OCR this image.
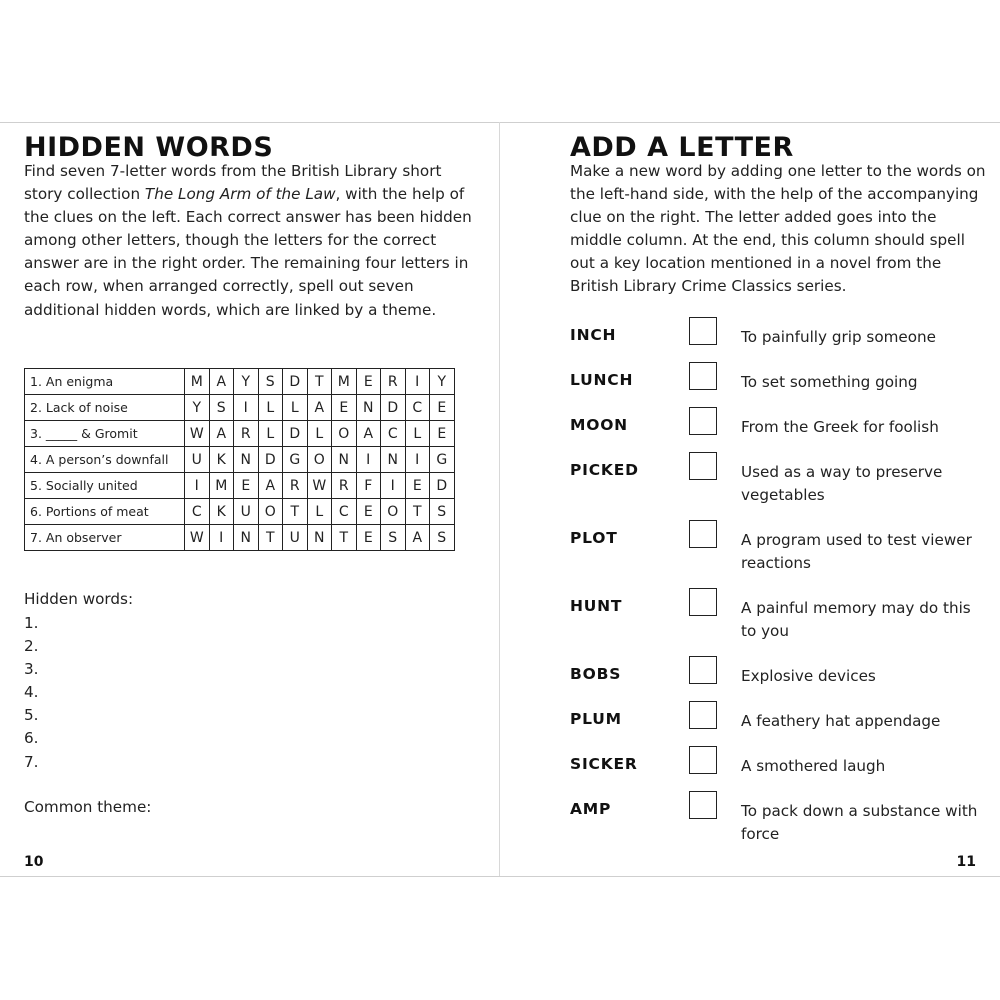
HIDDEN WORDS

Find seven 7-letter words from the British Library short story collection The Long Arm of the Law, with the help of the clues on the left. Each correct answer has been hidden among other letters, though the letters for the correct answer are in the right order. The remaining four letters in each row, when arranged correctly, spell out seven additional hidden words, which are linked by a theme.

1. An enigma	M	A	Y	S	D	T	M	E	R	I	Y
2. Lack of noise	Y	S	I	L	L	A	E	N	D	C	E
3. _____ & Gromit	W	A	R	L	D	L	O	A	C	L	E
4. A person’s downfall	U	K	N	D	G	O	N	I	N	I	G
5. Socially united	I	M	E	A	R	W	R	F	I	E	D
6. Portions of meat	C	K	U	O	T	L	C	E	O	T	S
7. An observer	W	I	N	T	U	N	T	E	S	A	S
Hidden words:
1.
2.
3.
4.
5.
6.
7.
Common theme:
10
ADD A LETTER

Make a new word by adding one letter to the words on the left-hand side, with the help of the accompanying clue on the right. The letter added goes into the middle column. At the end, this column should spell out a key location mentioned in a novel from the British Library Crime Classics series.

INCH	To painfully grip someone
LUNCH	To set something going
MOON	From the Greek for foolish
PICKED	Used as a way to preserve vegetables
PLOT	A program used to test viewer reactions
HUNT	A painful memory may do this to you
BOBS	Explosive devices
PLUM	A feathery hat appendage
SICKER	A smothered laugh
AMP	To pack down a substance with force
11
